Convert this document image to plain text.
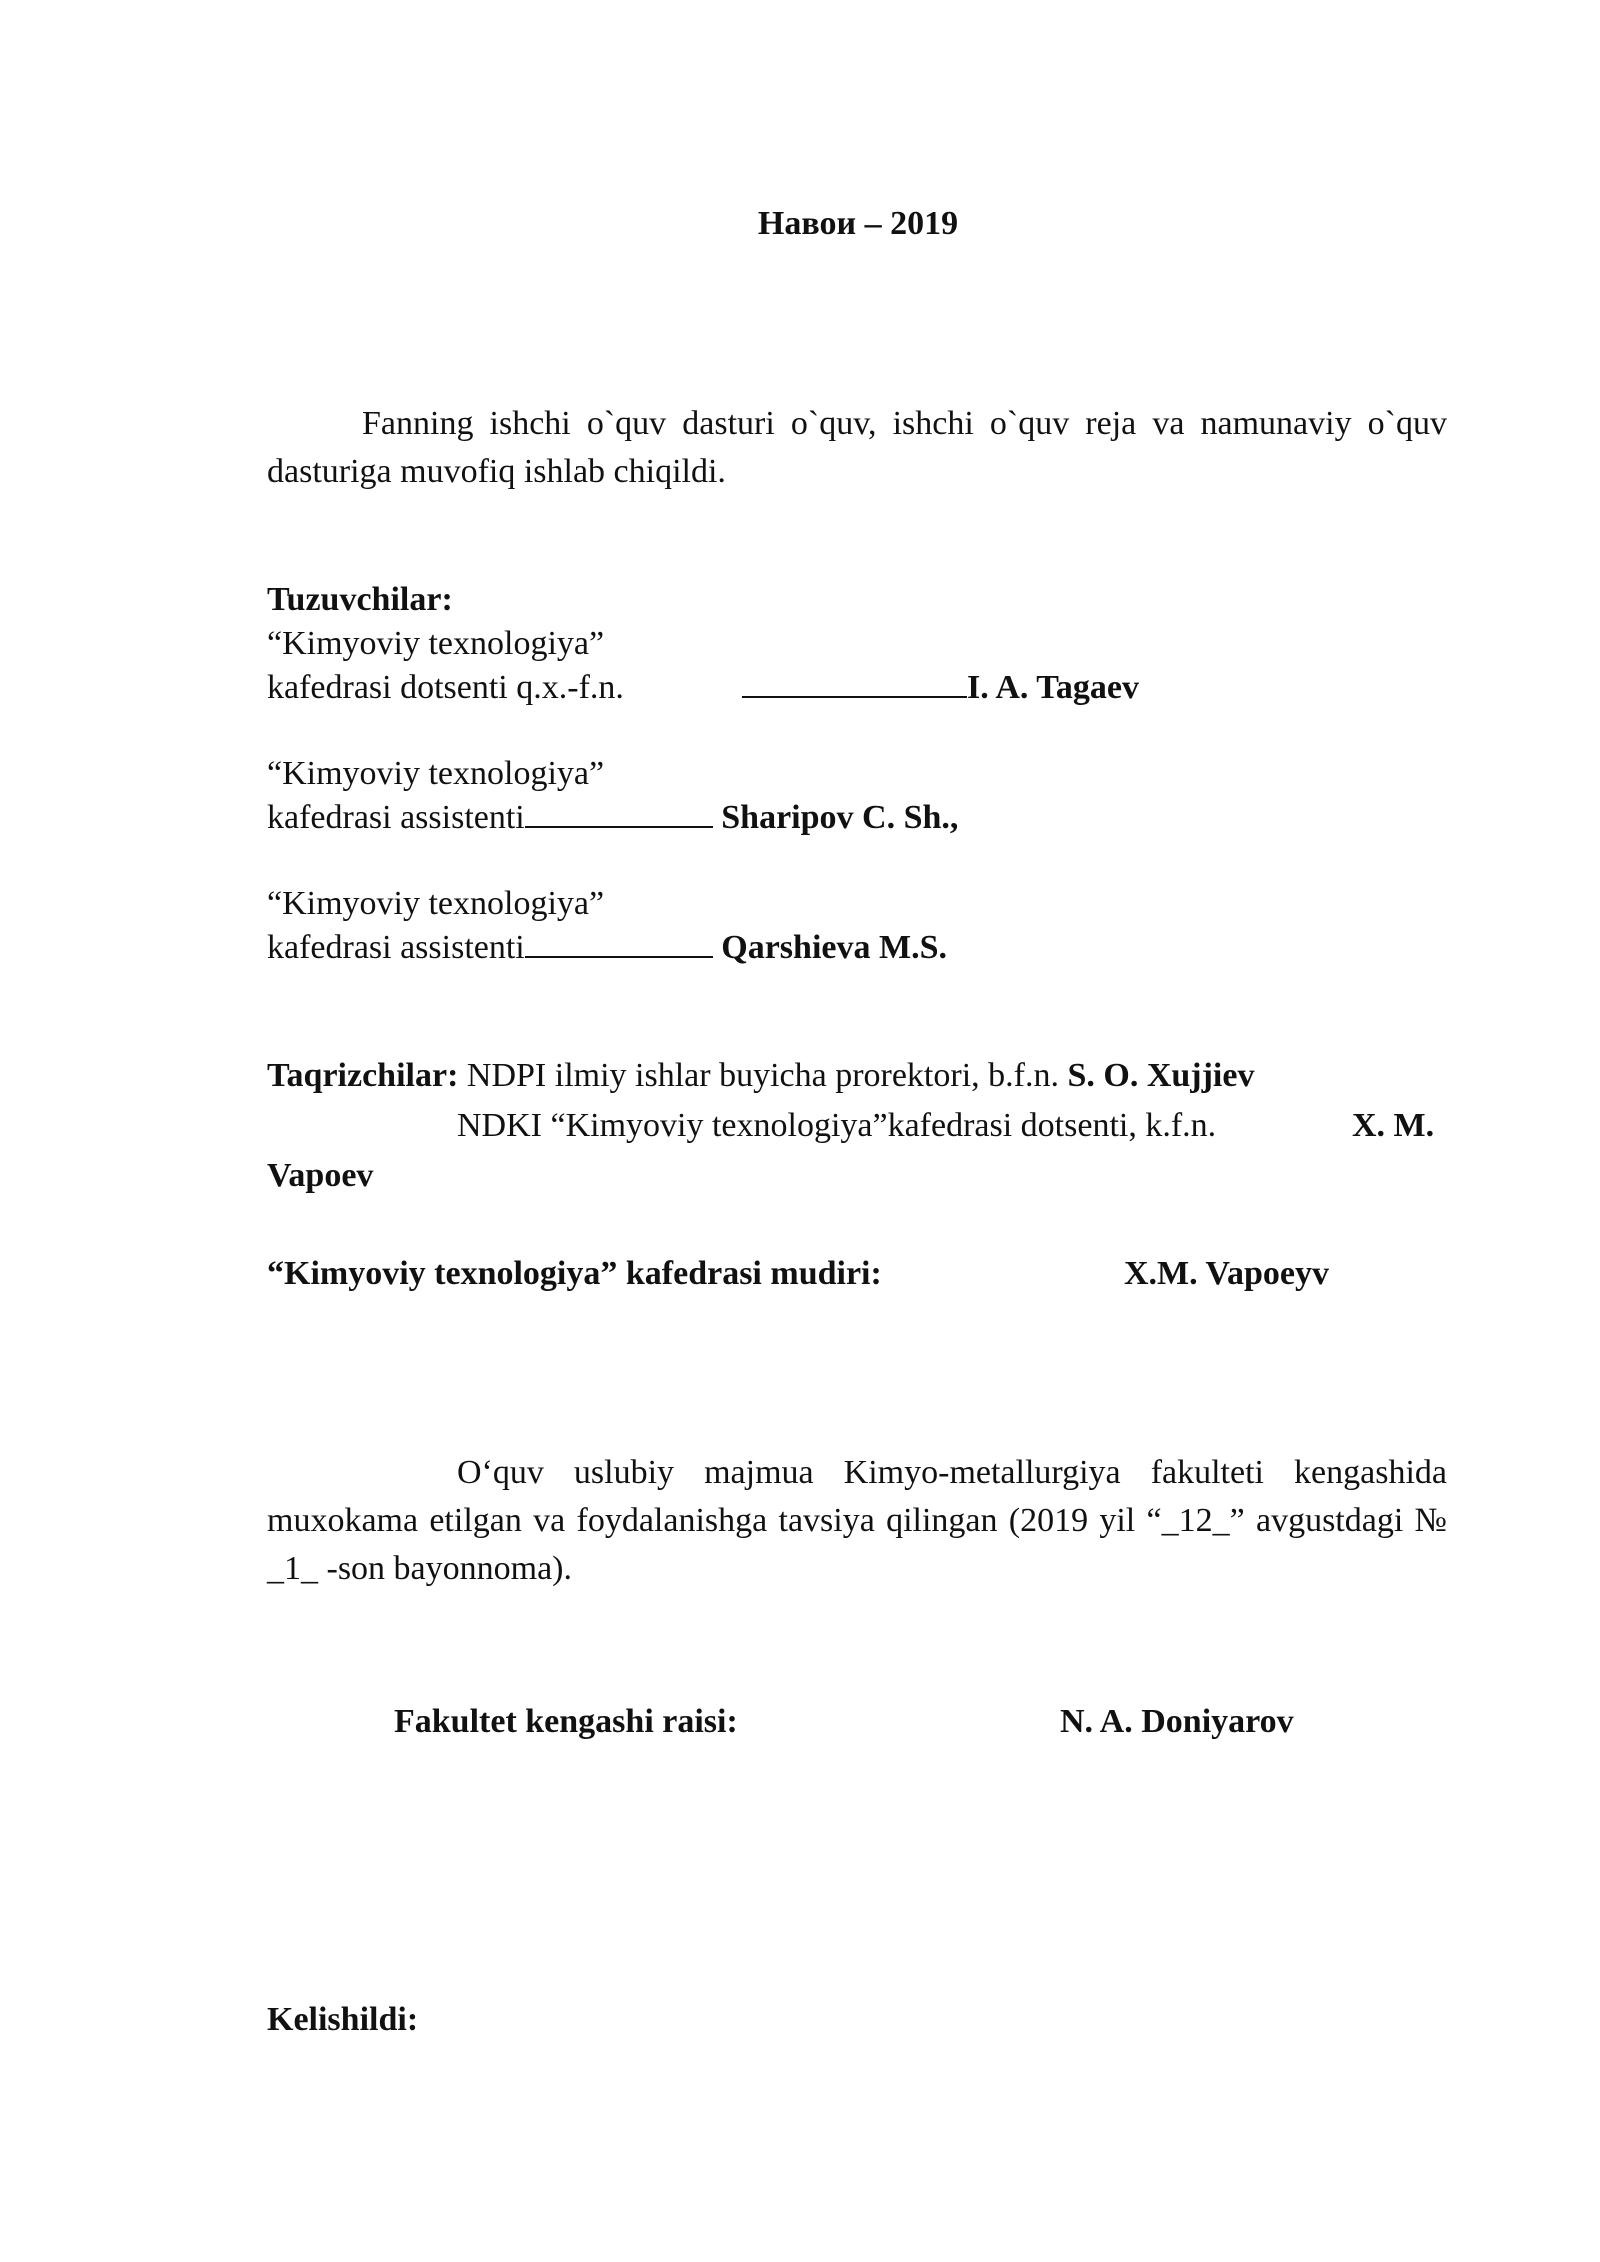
Навои – 2019
Fanning ishchi o`quv dasturi o`quv, ishchi o`quv reja va namunaviy o`quv dasturiga muvofiq ishlab chiqildi.
Tuzuvchilar:
“Kimyoviy texnologiya”
kafedrasi dotsenti q.x.-f.n.	I. A. Tagaev
“Kimyoviy texnologiya”
kafedrasi assistenti	Sharipov C. Sh.,
“Kimyoviy texnologiya”
kafedrasi assistenti	Qarshieva M.S.
Taqrizchilar: NDPI ilmiy ishlar buyicha prorektori, b.f.n. S. O. Xujjiev
NDKI “Kimyoviy texnologiya”kafedrasi dotsenti, k.f.n.	X. M.
Vapoev
“Kimyoviy texnologiya” kafedrasi mudiri:	X.M. Vapoeyv
O‘quv uslubiy majmua Kimyo-metallurgiya fakulteti kengashida muxokama etilgan va foydalanishga tavsiya qilingan (2019 yil “_12_” avgustdagi № _1_ -son bayonnoma).
Fakultet kengashi raisi:	N. A. Doniyarov
Kelishildi:
